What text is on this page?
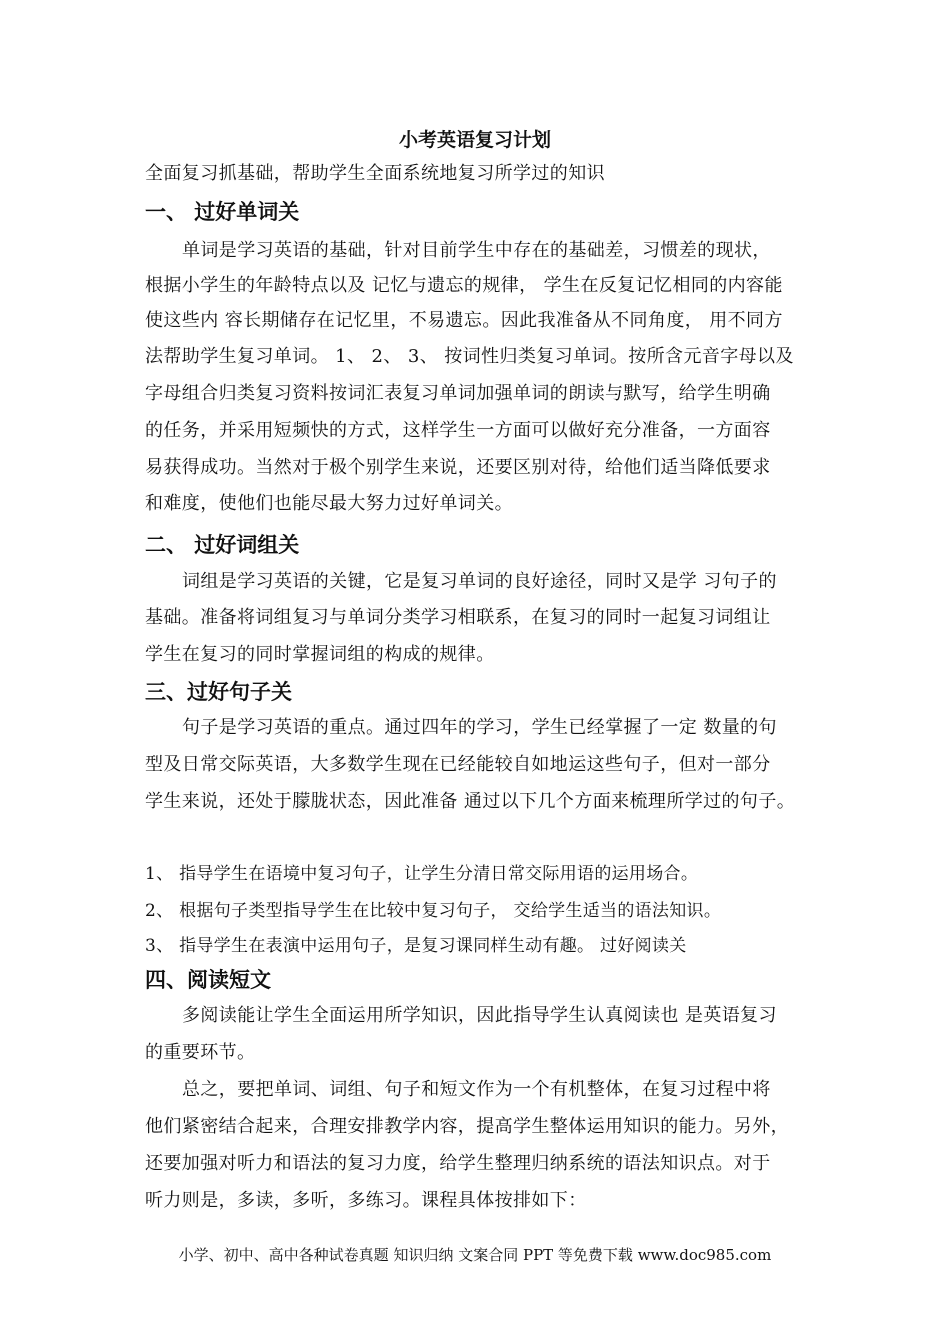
小考英语复习计划
全面复习抓基础，帮助学生全面系统地复习所学过的知识
一、 过好单词关
单词是学习英语的基础，针对目前学生中存在的基础差，习惯差的现状，
根据小学生的年龄特点以及 记忆与遗忘的规律， 学生在反复记忆相同的内容能
使这些内 容长期储存在记忆里，不易遗忘。因此我准备从不同角度， 用不同方
法帮助学生复习单词。 1、 2、 3、 按词性归类复习单词。按所含元音字母以及
字母组合归类复习资料按词汇表复习单词加强单词的朗读与默写，给学生明确
的任务，并采用短频快的方式，这样学生一方面可以做好充分准备，一方面容
易获得成功。当然对于极个别学生来说，还要区别对待，给他们适当降低要求
和难度，使他们也能尽最大努力过好单词关。
二、 过好词组关
词组是学习英语的关键，它是复习单词的良好途径，同时又是学 习句子的
基础。准备将词组复习与单词分类学习相联系，在复习的同时一起复习词组让
学生在复习的同时掌握词组的构成的规律。
三、过好句子关
句子是学习英语的重点。通过四年的学习，学生已经掌握了一定 数量的句
型及日常交际英语，大多数学生现在已经能较自如地运这些句子，但对一部分
学生来说，还处于朦胧状态，因此准备 通过以下几个方面来梳理所学过的句子。
1、 指导学生在语境中复习句子，让学生分清日常交际用语的运用场合。
2、 根据句子类型指导学生在比较中复习句子， 交给学生适当的语法知识。
3、 指导学生在表演中运用句子，是复习课同样生动有趣。 过好阅读关
四、阅读短文
多阅读能让学生全面运用所学知识，因此指导学生认真阅读也 是英语复习
的重要环节。
总之，要把单词、词组、句子和短文作为一个有机整体，在复习过程中将
他们紧密结合起来，合理安排教学内容，提高学生整体运用知识的能力。另外，
还要加强对听力和语法的复习力度，给学生整理归纳系统的语法知识点。对于
听力则是，多读，多听，多练习。课程具体按排如下：
小学、初中、高中各种试卷真题 知识归纳 文案合同 PPT 等免费下载 www.doc985.com
